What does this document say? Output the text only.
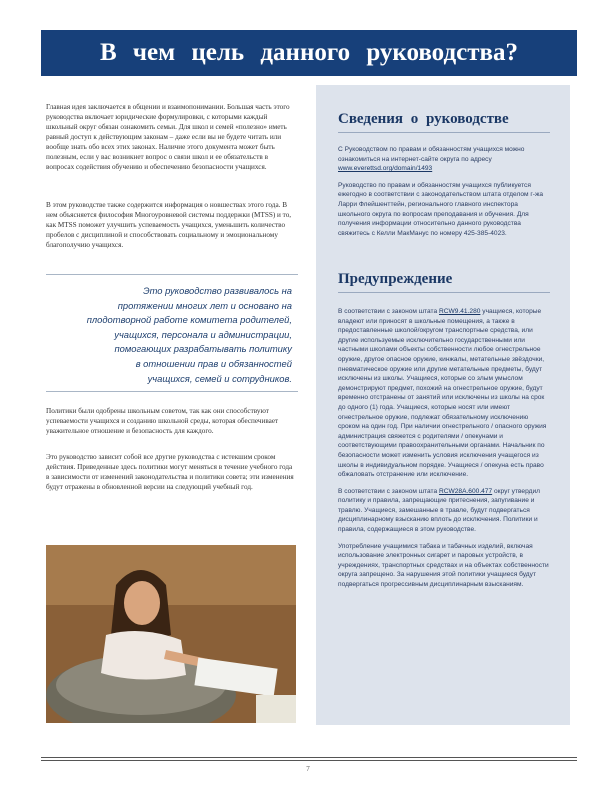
В чем цель данного руководства?

Главная идея заключается в общении и взаимопонимании. Большая часть этого руководства включает юридические формулировки, с которыми каждый школьный округ обязан ознакомить семьи. Для школ и семей «полезно» иметь равный доступ к действующим законам – даже если вы не будете читать или вообще знать обо всех этих законах. Наличие этого документа может быть полезным, если у вас возникнет вопрос о связи школ и ее обязательств в вопросах содействия обучению и обеспечению безопасности учащихся.

В этом руководстве также содержится информация о новшествах этого года. В нем объясняется философия Многоуровневой системы поддержки (MTSS) и то, как MTSS поможет улучшить успеваемость учащихся, уменьшить количество пробелов с дисциплиной и способствовать социальному и эмоциональному благополучию учащихся.

Это руководство развивалось на
протяжении многих лет и основано на
плодотворной работе комитета родителей,
учащихся, персонала и администрации,
помогающих разрабатывать политику
в отношении прав и обязанностей
учащихся, семей и сотрудников.

Политики были одобрены школьным советом, так как они способствуют успеваемости учащихся и созданию школьной среды, которая обеспечивает уважительное отношение и безопасность для каждого.

Это руководство зависит собой все другие руководства с истекшим сроком действия. Приведенные здесь политики могут меняться в течение учебного года в зависимости от изменений законодательства и политики совета; эти изменения будут отражены в обновленной версии на следующий учебный год.

Сведения о руководстве

С Руководством по правам и обязанностям учащихся можно ознакомиться на интернет-сайте округа по адресу www.everettsd.org/domain/1493

Руководство по правам и обязанностям учащихся публикуется ежегодно в соответствии с законодательством штата отделом г-жа Ларри Флейшенттейн, регионального главного инспектора школьного округа по вопросам преподавания и обучения. Для получения информации относительно данного руководства свяжитесь с Келли МакМанус по номеру 425-385-4023.

Предупреждение

В соответствии с законом штата RCW9.41.280 учащиеся, которые владеют или приносят в школьные помещения, а также в предоставленные школой/округом транспортные средства, или другие используемые исключительно государственными или частными школами объекты собственности любое огнестрельное оружие, другое опасное оружие, кинжалы, метательные звёздочки, пневматическое оружие или другие метательные предметы, будут исключены из школы. Учащиеся, которые со злым умыслом демонстрируют предмет, похожий на огнестрельное оружие, будут временно отстранены от занятий или исключены из школы на срок до одного (1) года. Учащиеся, которые носят или имеют огнестрельное оружие, подлежат обязательному исключению сроком на один год. При наличии огнестрельного / опасного оружия администрация свяжется с родителями / опекунами и соответствующими правоохранительными органами. Начальник по безопасности может изменить условия исключения учащегося из школы в индивидуальном порядке. Учащиеся / опекуна есть право обжаловать отстранение или исключение.

В соответствии с законом штата RCW28A.600.477 округ утвердил политику и правила, запрещающие притеснения, запугивание и травлю. Учащиеся, замешанные в травле, будут подвергаться дисциплинарному взысканию вплоть до исключения. Политики и правила, содержащиеся в этом руководстве.

Употребление учащимися табака и табачных изделий, включая использование электронных сигарет и паровых устройств, в учреждениях, транспортных средствах и на объектах собственности округа запрещено. За нарушения этой политики учащиеся будут подвергаться прогрессивным дисциплинарным взысканиям.

7
